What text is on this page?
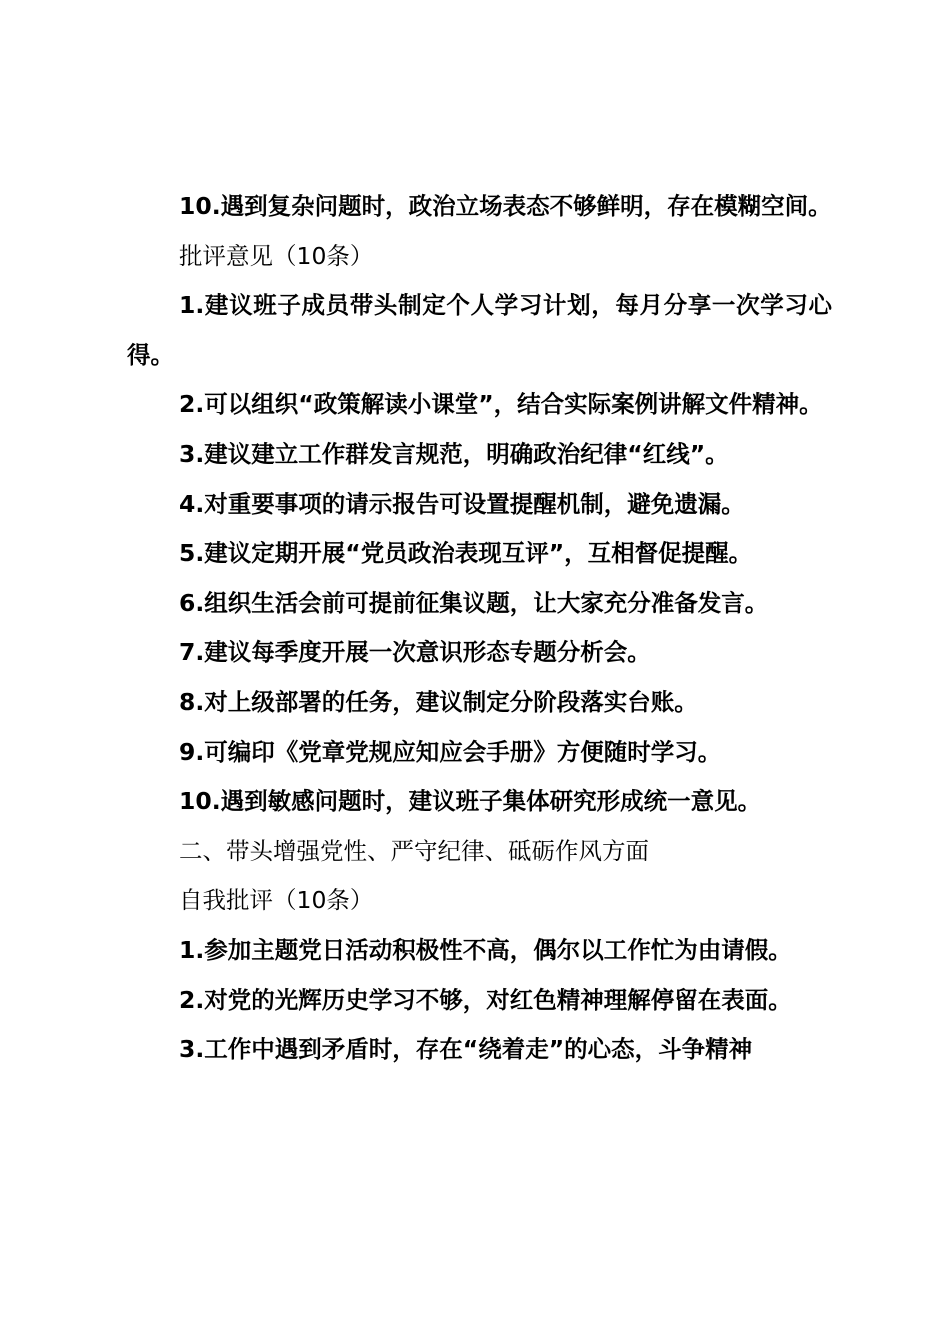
10.遇到复杂问题时，政治立场表态不够鲜明，存在模糊空间。

批评意见（10条）

1.建议班子成员带头制定个人学习计划，每月分享一次学习心得。

2.可以组织“政策解读小课堂”，结合实际案例讲解文件精神。

3.建议建立工作群发言规范，明确政治纪律“红线”。

4.对重要事项的请示报告可设置提醒机制，避免遗漏。

5.建议定期开展“党员政治表现互评”，互相督促提醒。

6.组织生活会前可提前征集议题，让大家充分准备发言。

7.建议每季度开展一次意识形态专题分析会。

8.对上级部署的任务，建议制定分阶段落实台账。

9.可编印《党章党规应知应会手册》方便随时学习。

10.遇到敏感问题时，建议班子集体研究形成统一意见。

二、带头增强党性、严守纪律、砥砺作风方面

自我批评（10条）

1.参加主题党日活动积极性不高，偶尔以工作忙为由请假。

2.对党的光辉历史学习不够，对红色精神理解停留在表面。

3.工作中遇到矛盾时，存在“绕着走”的心态，斗争精神
